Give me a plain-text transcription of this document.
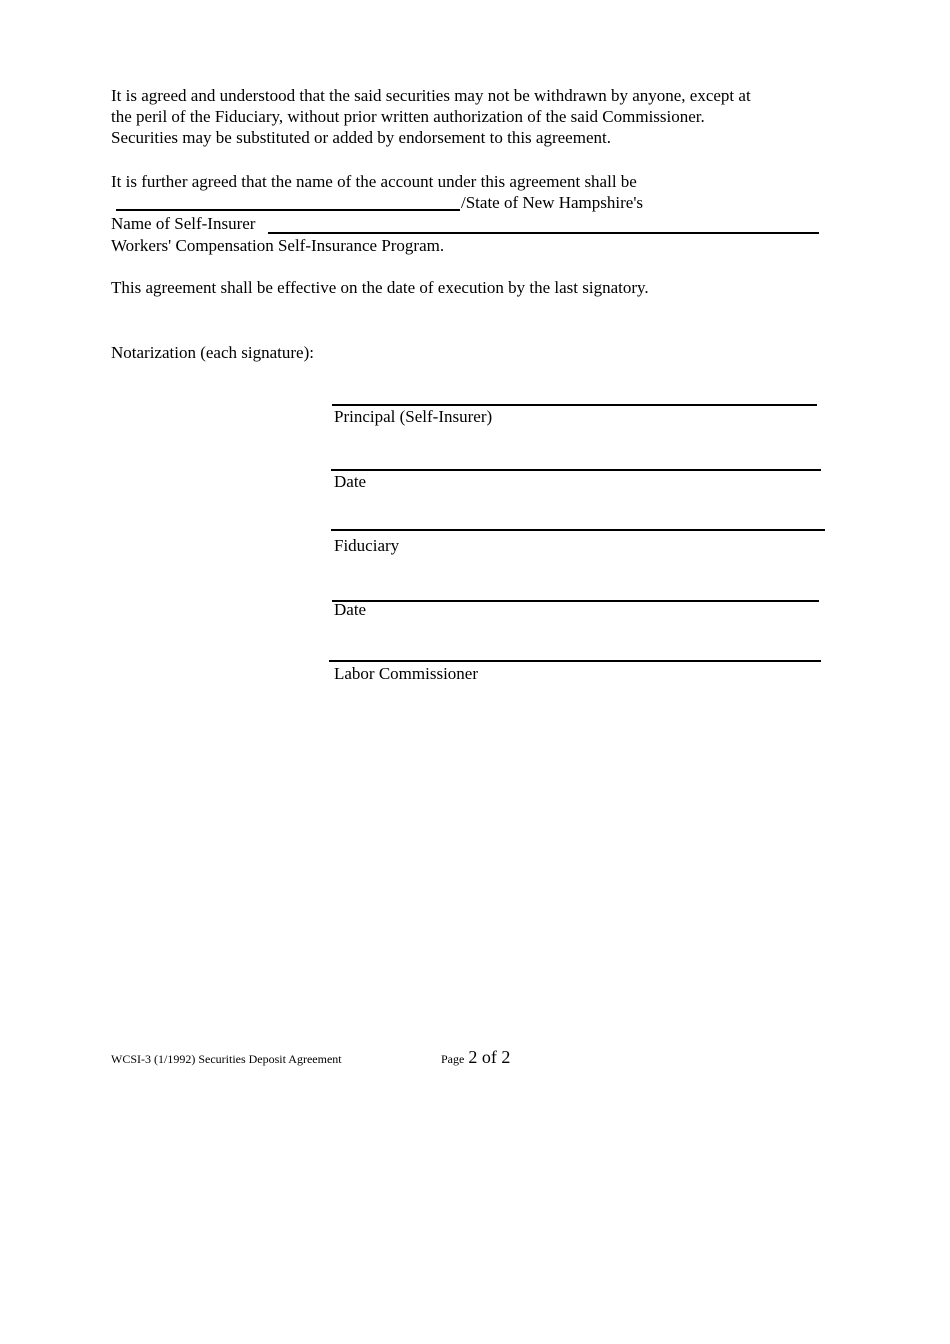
It is agreed and understood that the said securities may not be withdrawn by anyone, except at
the peril of the Fiduciary, without prior written authorization of the said Commissioner.
Securities may be substituted or added by endorsement to this agreement.
It is further agreed that the name of the account under this agreement shall be
/State of New Hampshire's
Name of Self-Insurer
Workers' Compensation Self-Insurance Program.
This agreement shall be effective on the date of execution by the last signatory.
Notarization (each signature):
Principal (Self-Insurer)
Date
Fiduciary
Date
Labor Commissioner
WCSI-3 (1/1992) Securities Deposit Agreement	Page 2 of 2
